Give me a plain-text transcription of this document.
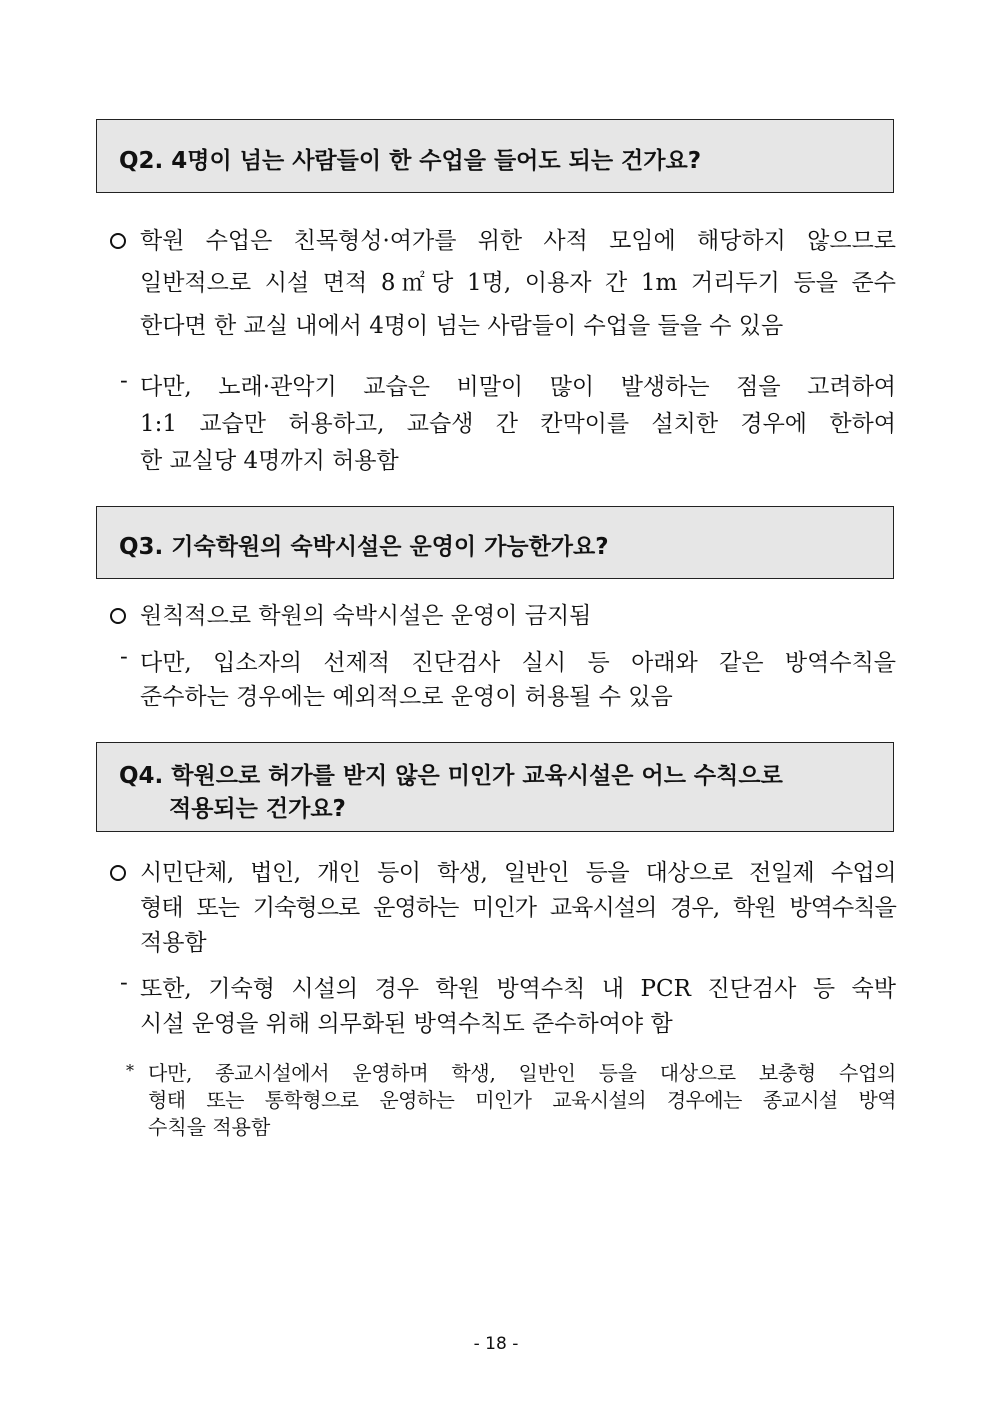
Q2. 4명이 넘는 사람들이 한 수업을 들어도 되는 건가요?
학원 수업은 친목형성·여가를 위한 사적 모임에 해당하지 않으므로
일반적으로 시설 면적 8㎡당 1명, 이용자 간 1m 거리두기 등을 준수
한다면 한 교실 내에서 4명이 넘는 사람들이 수업을 들을 수 있음
- 다만, 노래·관악기 교습은 비말이 많이 발생하는 점을 고려하여
1:1 교습만 허용하고, 교습생 간 칸막이를 설치한 경우에 한하여
한 교실당 4명까지 허용함
Q3. 기숙학원의 숙박시설은 운영이 가능한가요?
원칙적으로 학원의 숙박시설은 운영이 금지됨
- 다만, 입소자의 선제적 진단검사 실시 등 아래와 같은 방역수칙을
준수하는 경우에는 예외적으로 운영이 허용될 수 있음
Q4. 학원으로 허가를 받지 않은 미인가 교육시설은 어느 수칙으로
적용되는 건가요?
시민단체, 법인, 개인 등이 학생, 일반인 등을 대상으로 전일제 수업의
형태 또는 기숙형으로 운영하는 미인가 교육시설의 경우, 학원 방역수칙을
적용함
- 또한, 기숙형 시설의 경우 학원 방역수칙 내 PCR 진단검사 등 숙박
시설 운영을 위해 의무화된 방역수칙도 준수하여야 함
* 다만, 종교시설에서 운영하며 학생, 일반인 등을 대상으로 보충형 수업의
형태 또는 통학형으로 운영하는 미인가 교육시설의 경우에는 종교시설 방역
수칙을 적용함
- 18 -
